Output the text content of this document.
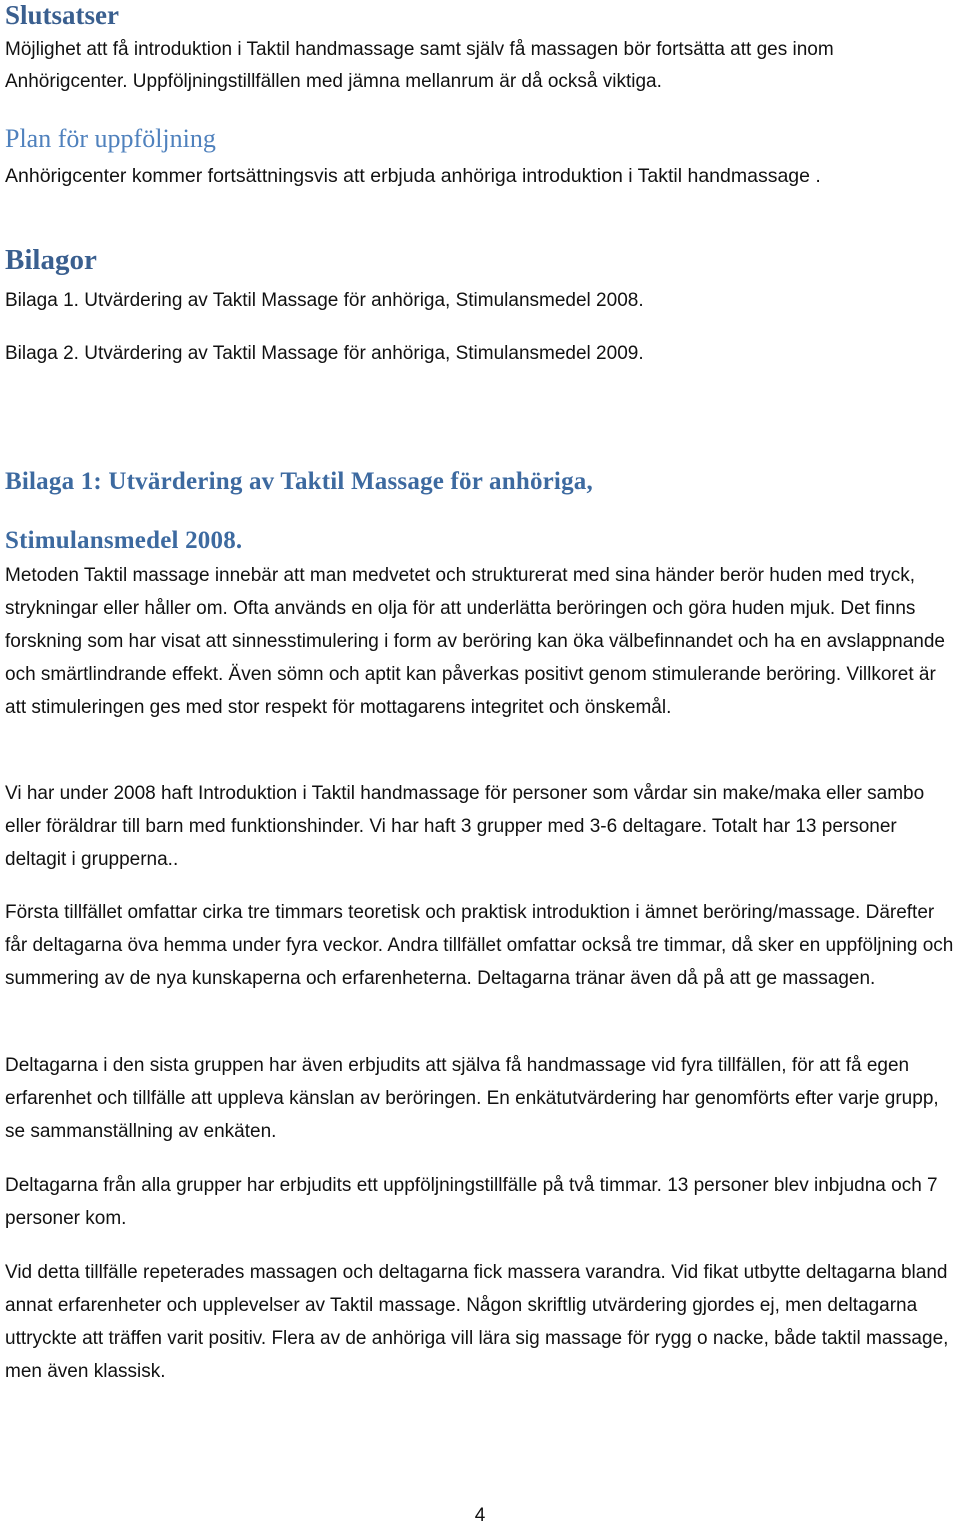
Slutsatser

Möjlighet att få introduktion i Taktil handmassage samt själv få massagen bör fortsätta att ges inom Anhörigcenter. Uppföljningstillfällen med jämna mellanrum är då också viktiga.

Plan för uppföljning

Anhörigcenter kommer fortsättningsvis att erbjuda anhöriga introduktion i Taktil handmassage .

Bilagor

Bilaga 1. Utvärdering av Taktil Massage för anhöriga, Stimulansmedel 2008.

Bilaga 2. Utvärdering av Taktil Massage för anhöriga, Stimulansmedel 2009.

Bilaga 1: Utvärdering av Taktil Massage för anhöriga,
Stimulansmedel 2008.

Metoden Taktil massage innebär att man medvetet och strukturerat med sina händer berör huden med tryck, strykningar eller håller om. Ofta används en olja för att underlätta beröringen och göra huden mjuk. Det finns forskning som har visat att sinnesstimulering i form av beröring kan öka välbefinnandet och ha en avslappnande och smärtlindrande effekt. Även sömn och aptit kan påverkas positivt genom stimulerande beröring. Villkoret är att stimuleringen ges med stor respekt för mottagarens integritet och önskemål.

Vi har under 2008 haft Introduktion i Taktil handmassage för personer som vårdar sin make/maka eller sambo eller föräldrar till barn med funktionshinder. Vi har haft 3 grupper med 3-6 deltagare. Totalt har 13 personer deltagit i grupperna..

Första tillfället omfattar cirka tre timmars teoretisk och praktisk introduktion i ämnet beröring/massage. Därefter får deltagarna öva hemma under fyra veckor. Andra tillfället omfattar också tre timmar, då sker en uppföljning och summering av de nya kunskaperna och erfarenheterna. Deltagarna tränar även då på att ge massagen.

Deltagarna i den sista gruppen har även erbjudits att själva få handmassage vid fyra tillfällen, för att få egen erfarenhet och tillfälle att uppleva känslan av beröringen. En enkätutvärdering har genomförts efter varje grupp, se sammanställning av enkäten.

Deltagarna från alla grupper har erbjudits ett uppföljningstillfälle på två timmar. 13 personer blev inbjudna och 7 personer kom.

Vid detta tillfälle repeterades massagen och deltagarna fick massera varandra. Vid fikat utbytte deltagarna bland annat erfarenheter och upplevelser av Taktil massage. Någon skriftlig utvärdering gjordes ej, men deltagarna uttryckte att träffen varit positiv. Flera av de anhöriga vill lära sig massage för rygg o nacke, både taktil massage, men även klassisk.

4
